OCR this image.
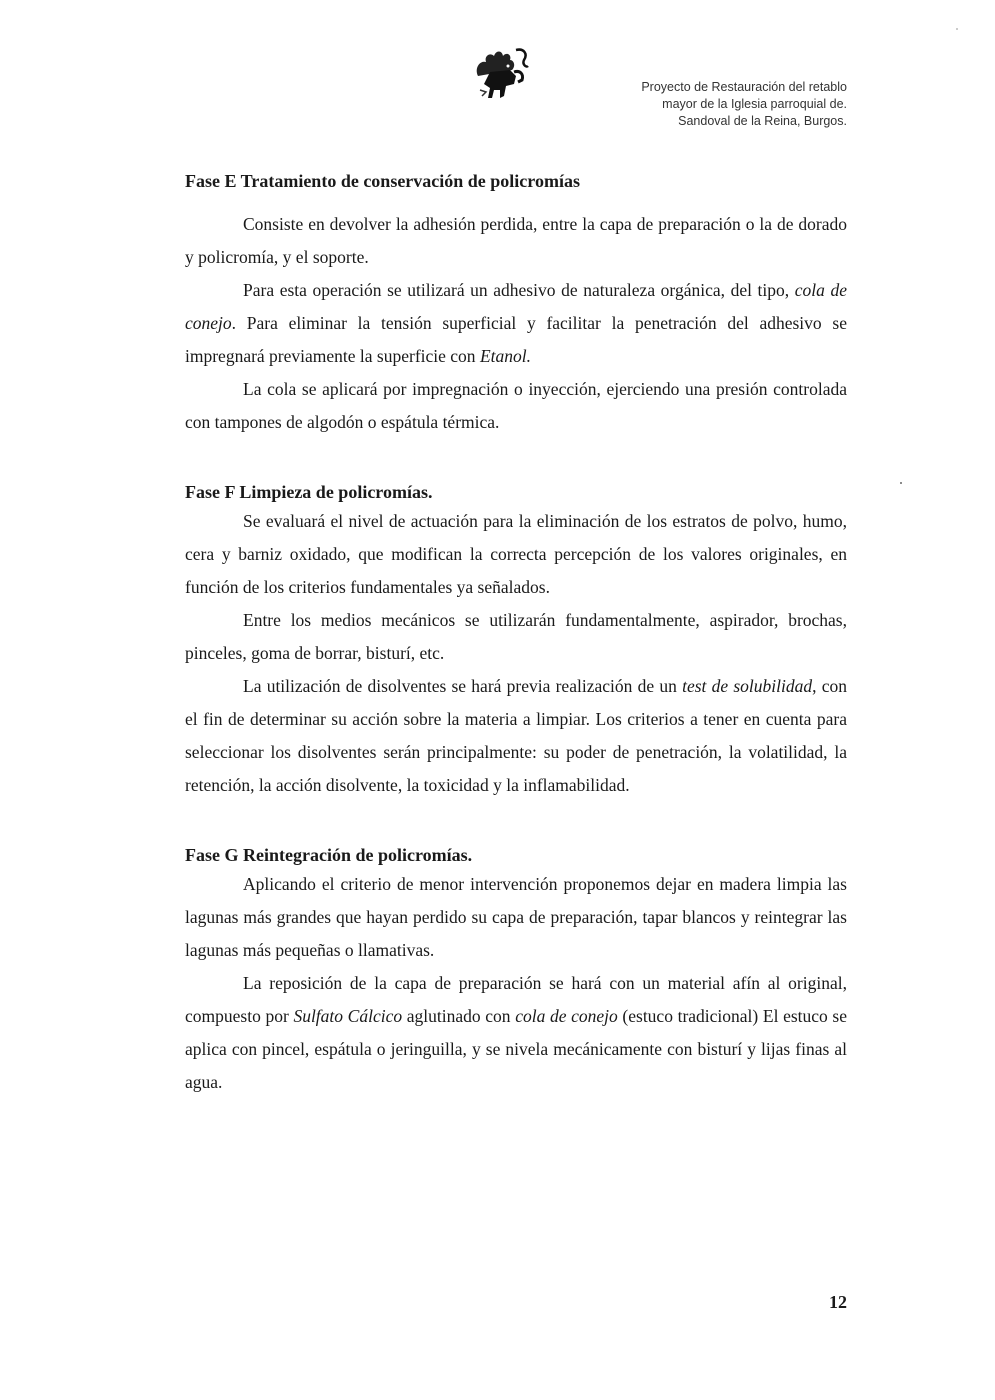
Proyecto de Restauración del retablo
mayor de la Iglesia parroquial de.
Sandoval de la Reina, Burgos.
Fase E Tratamiento de conservación de policromías

Consiste en devolver la adhesión perdida, entre la capa de preparación o la de dorado y policromía, y el soporte.

Para esta operación se utilizará un adhesivo de naturaleza orgánica, del tipo, cola de conejo. Para eliminar la tensión superficial y facilitar la penetración del adhesivo se impregnará previamente la superficie con Etanol.

La cola se aplicará por impregnación o inyección, ejerciendo una presión controlada con tampones de algodón o espátula térmica.

Fase F Limpieza de policromías.

Se evaluará el nivel de actuación para la eliminación de los estratos de polvo, humo, cera y barniz oxidado, que modifican la correcta percepción de los valores originales, en función de los criterios fundamentales ya señalados.

Entre los medios mecánicos se utilizarán fundamentalmente, aspirador, brochas, pinceles, goma de borrar, bisturí, etc.

La utilización de disolventes se hará previa realización de un test de solubilidad, con el fin de determinar su acción sobre la materia a limpiar. Los criterios a tener en cuenta para seleccionar los disolventes serán principalmente: su poder de penetración, la volatilidad, la retención, la acción disolvente, la toxicidad y la inflamabilidad.

Fase G Reintegración de policromías.

Aplicando el criterio de menor intervención proponemos dejar en madera limpia las lagunas más grandes que hayan perdido su capa de preparación, tapar blancos y reintegrar las lagunas más pequeñas o llamativas.

La reposición de la capa de preparación se hará con un material afín al original, compuesto por Sulfato Cálcico aglutinado con cola de conejo (estuco tradicional) El estuco se aplica con pincel, espátula o jeringuilla, y se nivela mecánicamente con bisturí y lijas finas al agua.

12
